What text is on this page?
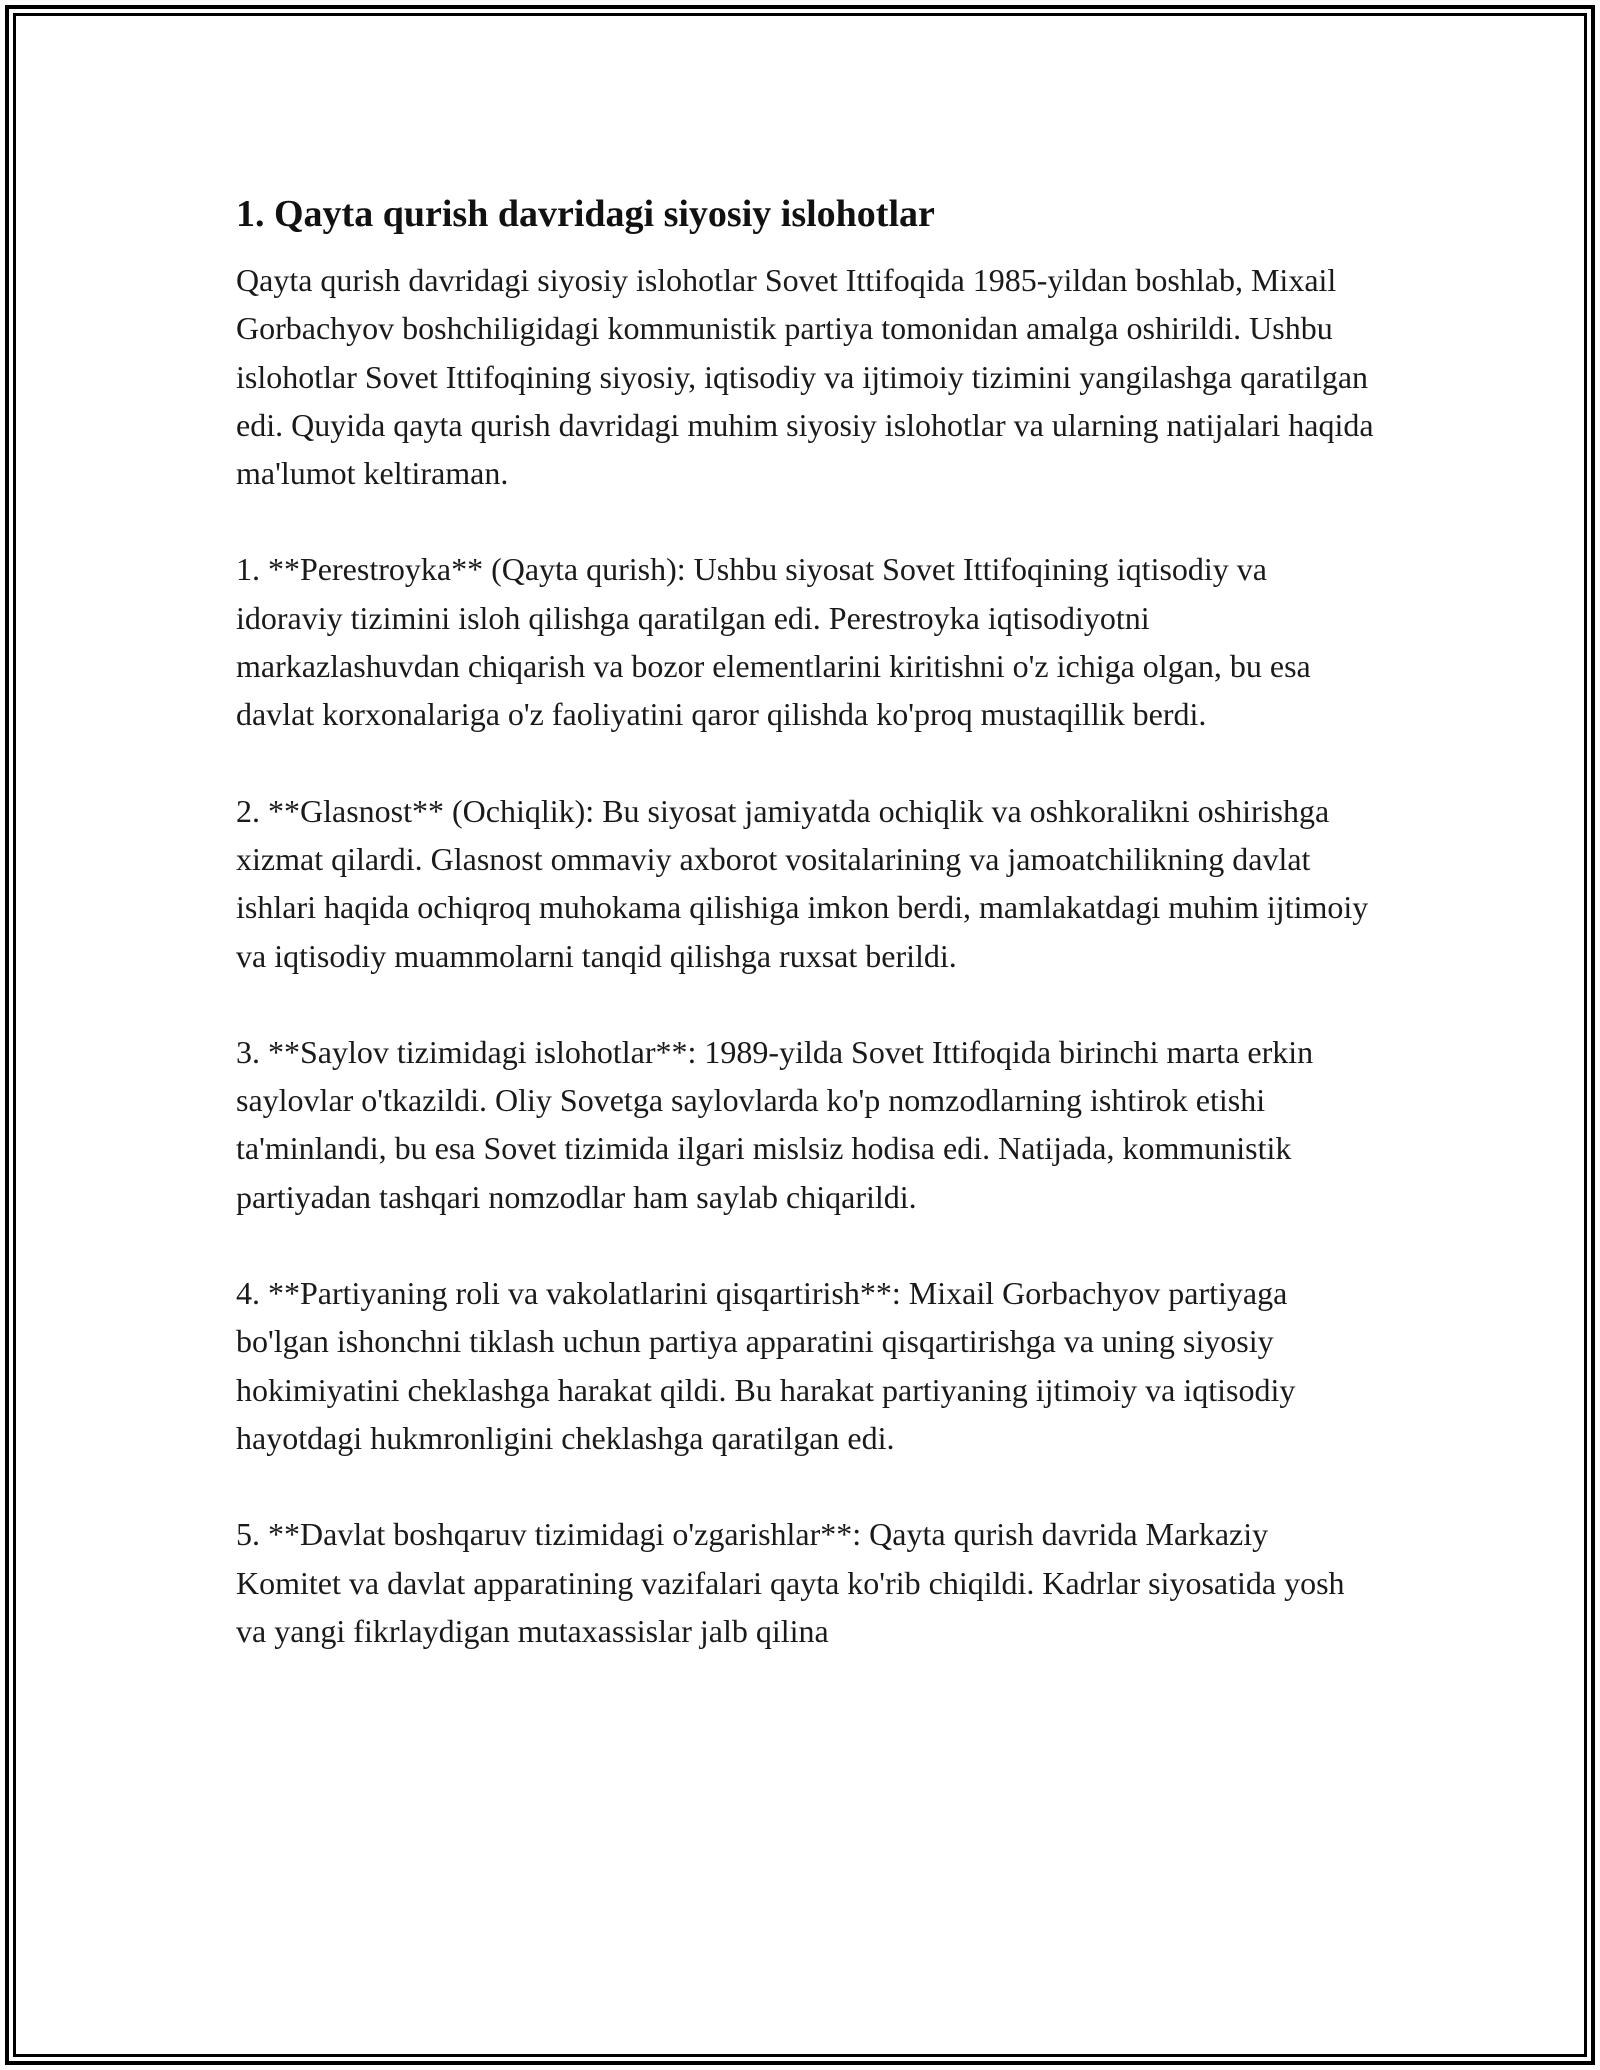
1. Qayta qurish davridagi siyosiy islohotlar

Qayta qurish davridagi siyosiy islohotlar Sovet Ittifoqida 1985-yildan boshlab, Mixail Gorbachyov boshchiligidagi kommunistik partiya tomonidan amalga oshirildi. Ushbu islohotlar Sovet Ittifoqining siyosiy, iqtisodiy va ijtimoiy tizimini yangilashga qaratilgan edi. Quyida qayta qurish davridagi muhim siyosiy islohotlar va ularning natijalari haqida ma'lumot keltiraman.

1. **Perestroyka** (Qayta qurish): Ushbu siyosat Sovet Ittifoqining iqtisodiy va idoraviy tizimini isloh qilishga qaratilgan edi. Perestroyka iqtisodiyotni markazlashuvdan chiqarish va bozor elementlarini kiritishni o'z ichiga olgan, bu esa davlat korxonalariga o'z faoliyatini qaror qilishda ko'proq mustaqillik berdi.

2. **Glasnost** (Ochiqlik): Bu siyosat jamiyatda ochiqlik va oshkoralikni oshirishga xizmat qilardi. Glasnost ommaviy axborot vositalarining va jamoatchilikning davlat ishlari haqida ochiqroq muhokama qilishiga imkon berdi, mamlakatdagi muhim ijtimoiy va iqtisodiy muammolarni tanqid qilishga ruxsat berildi.

3. **Saylov tizimidagi islohotlar**: 1989-yilda Sovet Ittifoqida birinchi marta erkin saylovlar o'tkazildi. Oliy Sovetga saylovlarda ko'p nomzodlarning ishtirok etishi ta'minlandi, bu esa Sovet tizimida ilgari mislsiz hodisa edi. Natijada, kommunistik partiyadan tashqari nomzodlar ham saylab chiqarildi.

4. **Partiyaning roli va vakolatlarini qisqartirish**: Mixail Gorbachyov partiyaga bo'lgan ishonchni tiklash uchun partiya apparatini qisqartirishga va uning siyosiy hokimiyatini cheklashga harakat qildi. Bu harakat partiyaning ijtimoiy va iqtisodiy hayotdagi hukmronligini cheklashga qaratilgan edi.

5. **Davlat boshqaruv tizimidagi o'zgarishlar**: Qayta qurish davrida Markaziy Komitet va davlat apparatining vazifalari qayta ko'rib chiqildi. Kadrlar siyosatida yosh va yangi fikrlaydigan mutaxassislar jalb qilina
